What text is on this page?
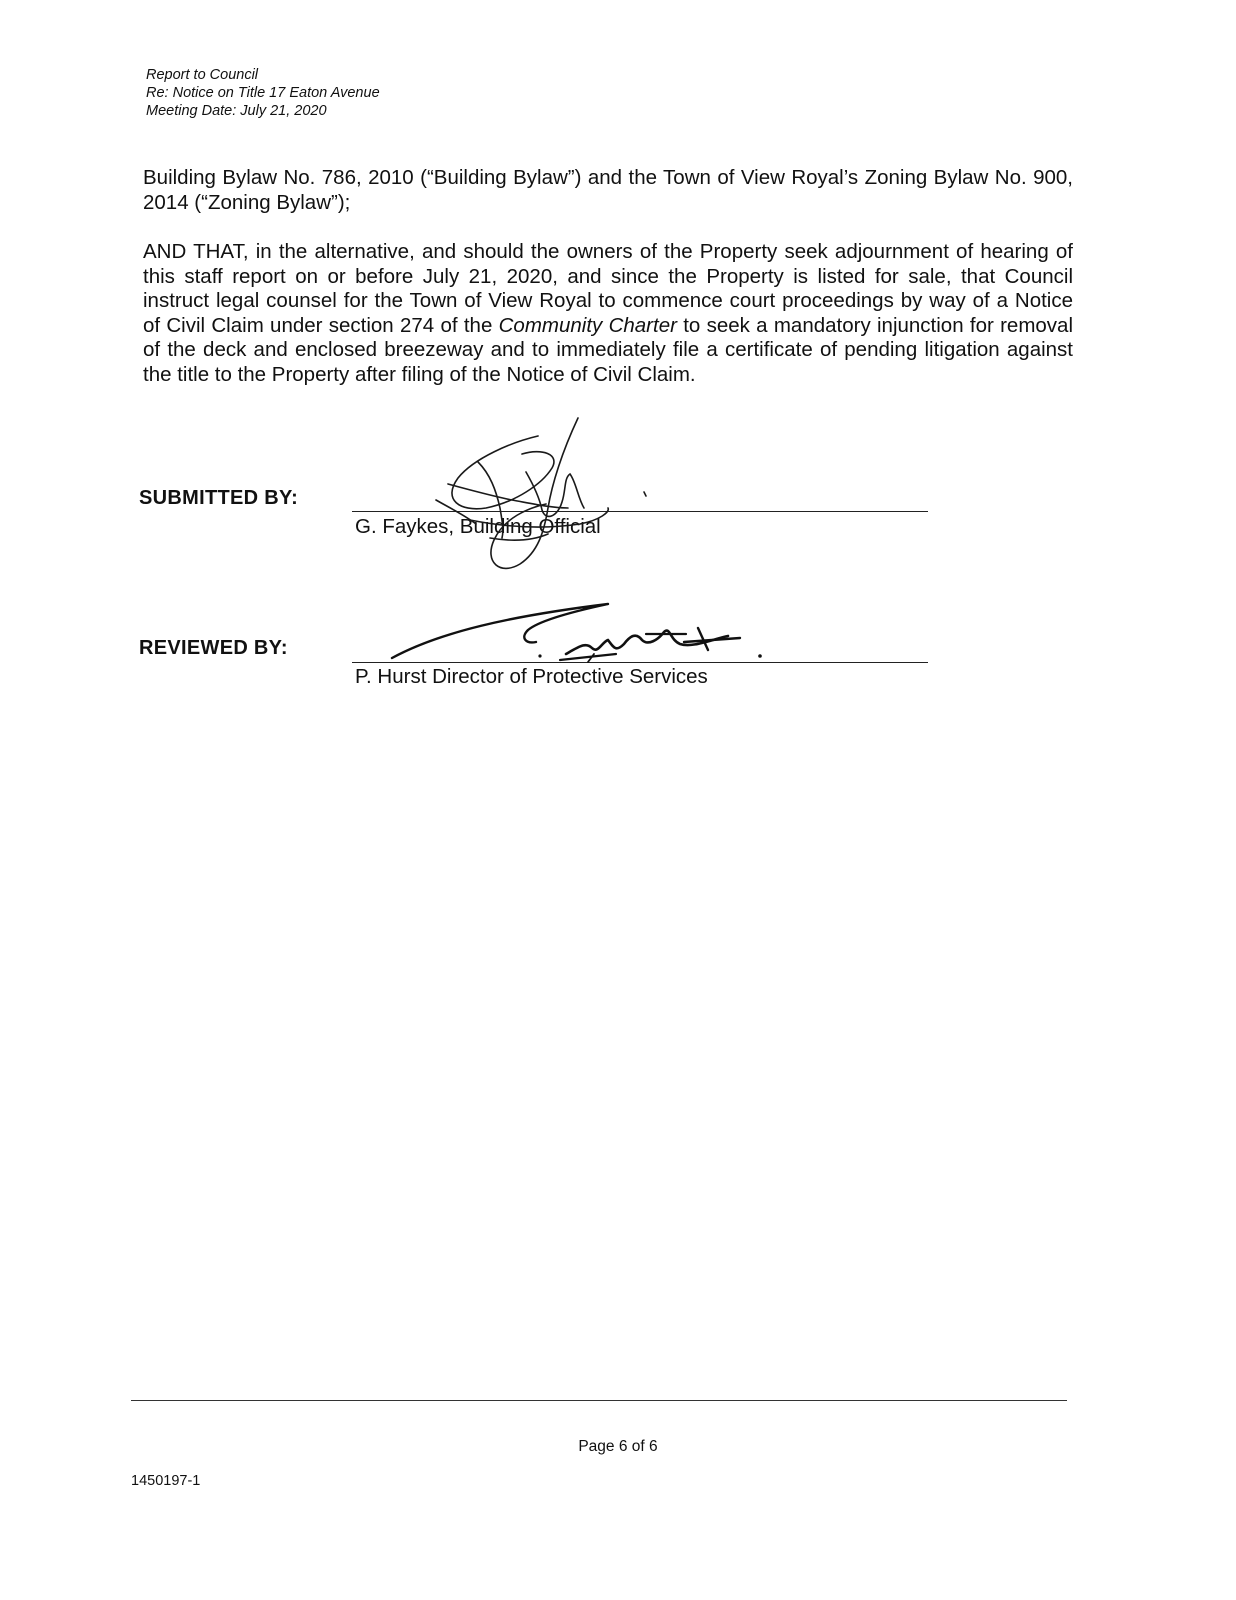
Report to Council
Re: Notice on Title 17 Eaton Avenue
Meeting Date: July 21, 2020
Building Bylaw No. 786, 2010 (“Building Bylaw”) and the Town of View Royal’s Zoning Bylaw No. 900, 2014 (“Zoning Bylaw”);
AND THAT, in the alternative, and should the owners of the Property seek adjournment of hearing of this staff report on or before July 21, 2020, and since the Property is listed for sale, that Council instruct legal counsel for the Town of View Royal to commence court proceedings by way of a Notice of Civil Claim under section 274 of the Community Charter to seek a mandatory injunction for removal of the deck and enclosed breezeway and to immediately file a certificate of pending litigation against the title to the Property after filing of the Notice of Civil Claim.
SUBMITTED BY:
G. Faykes, Building Official
REVIEWED BY:
P. Hurst Director of Protective Services
Page 6 of 6
1450197-1
